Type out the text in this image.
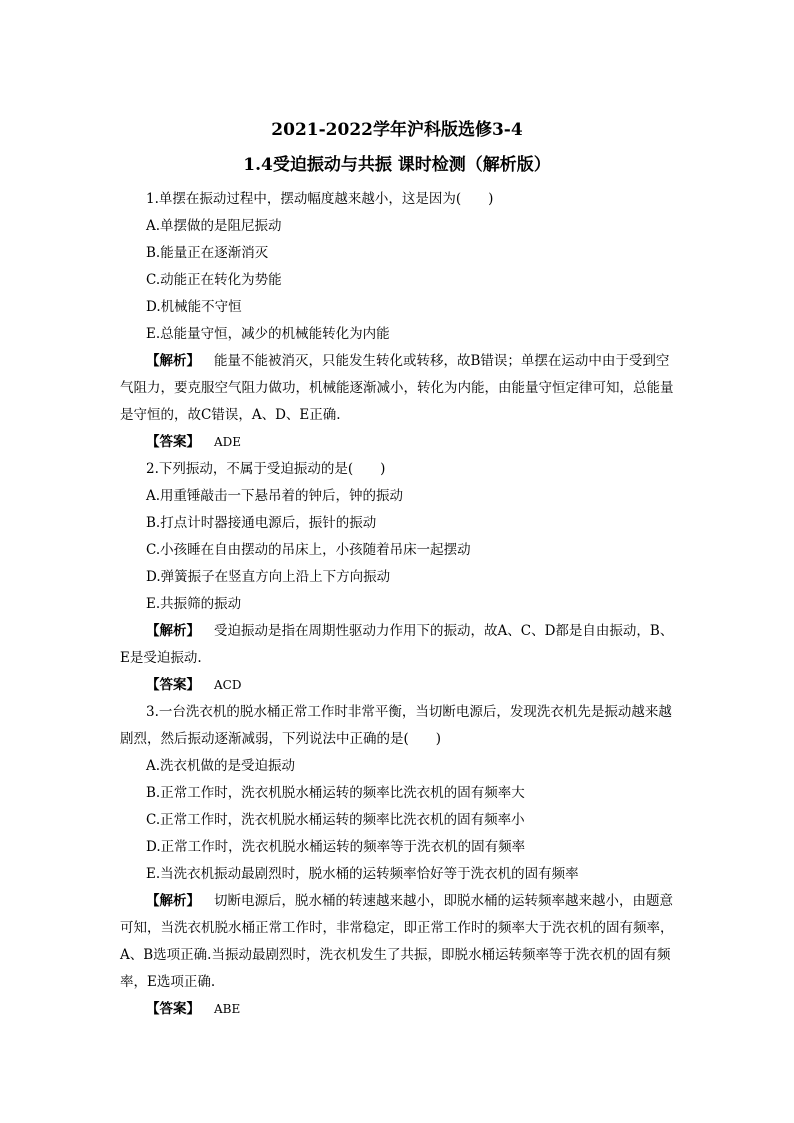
2021-2022学年沪科版选修3-4
1.4受迫振动与共振 课时检测（解析版）
1.单摆在振动过程中，摆动幅度越来越小，这是因为(　　)
A.单摆做的是阻尼振动
B.能量正在逐渐消灭
C.动能正在转化为势能
D.机械能不守恒
E.总能量守恒，减少的机械能转化为内能
【解析】 能量不能被消灭，只能发生转化或转移，故B错误；单摆在运动中由于受到空气阻力，要克服空气阻力做功，机械能逐渐减小，转化为内能，由能量守恒定律可知，总能量是守恒的，故C错误，A、D、E正确.
【答案】 ADE
2.下列振动，不属于受迫振动的是(　　)
A.用重锤敲击一下悬吊着的钟后，钟的振动
B.打点计时器接通电源后，振针的振动
C.小孩睡在自由摆动的吊床上，小孩随着吊床一起摆动
D.弹簧振子在竖直方向上沿上下方向振动
E.共振筛的振动
【解析】 受迫振动是指在周期性驱动力作用下的振动，故A、C、D都是自由振动，B、E是受迫振动.
【答案】 ACD
3.一台洗衣机的脱水桶正常工作时非常平衡，当切断电源后，发现洗衣机先是振动越来越剧烈，然后振动逐渐减弱，下列说法中正确的是(　　)
A.洗衣机做的是受迫振动
B.正常工作时，洗衣机脱水桶运转的频率比洗衣机的固有频率大
C.正常工作时，洗衣机脱水桶运转的频率比洗衣机的固有频率小
D.正常工作时，洗衣机脱水桶运转的频率等于洗衣机的固有频率
E.当洗衣机振动最剧烈时，脱水桶的运转频率恰好等于洗衣机的固有频率
【解析】 切断电源后，脱水桶的转速越来越小，即脱水桶的运转频率越来越小，由题意可知，当洗衣机脱水桶正常工作时，非常稳定，即正常工作时的频率大于洗衣机的固有频率，A、B选项正确.当振动最剧烈时，洗衣机发生了共振，即脱水桶运转频率等于洗衣机的固有频率，E选项正确.
【答案】 ABE
